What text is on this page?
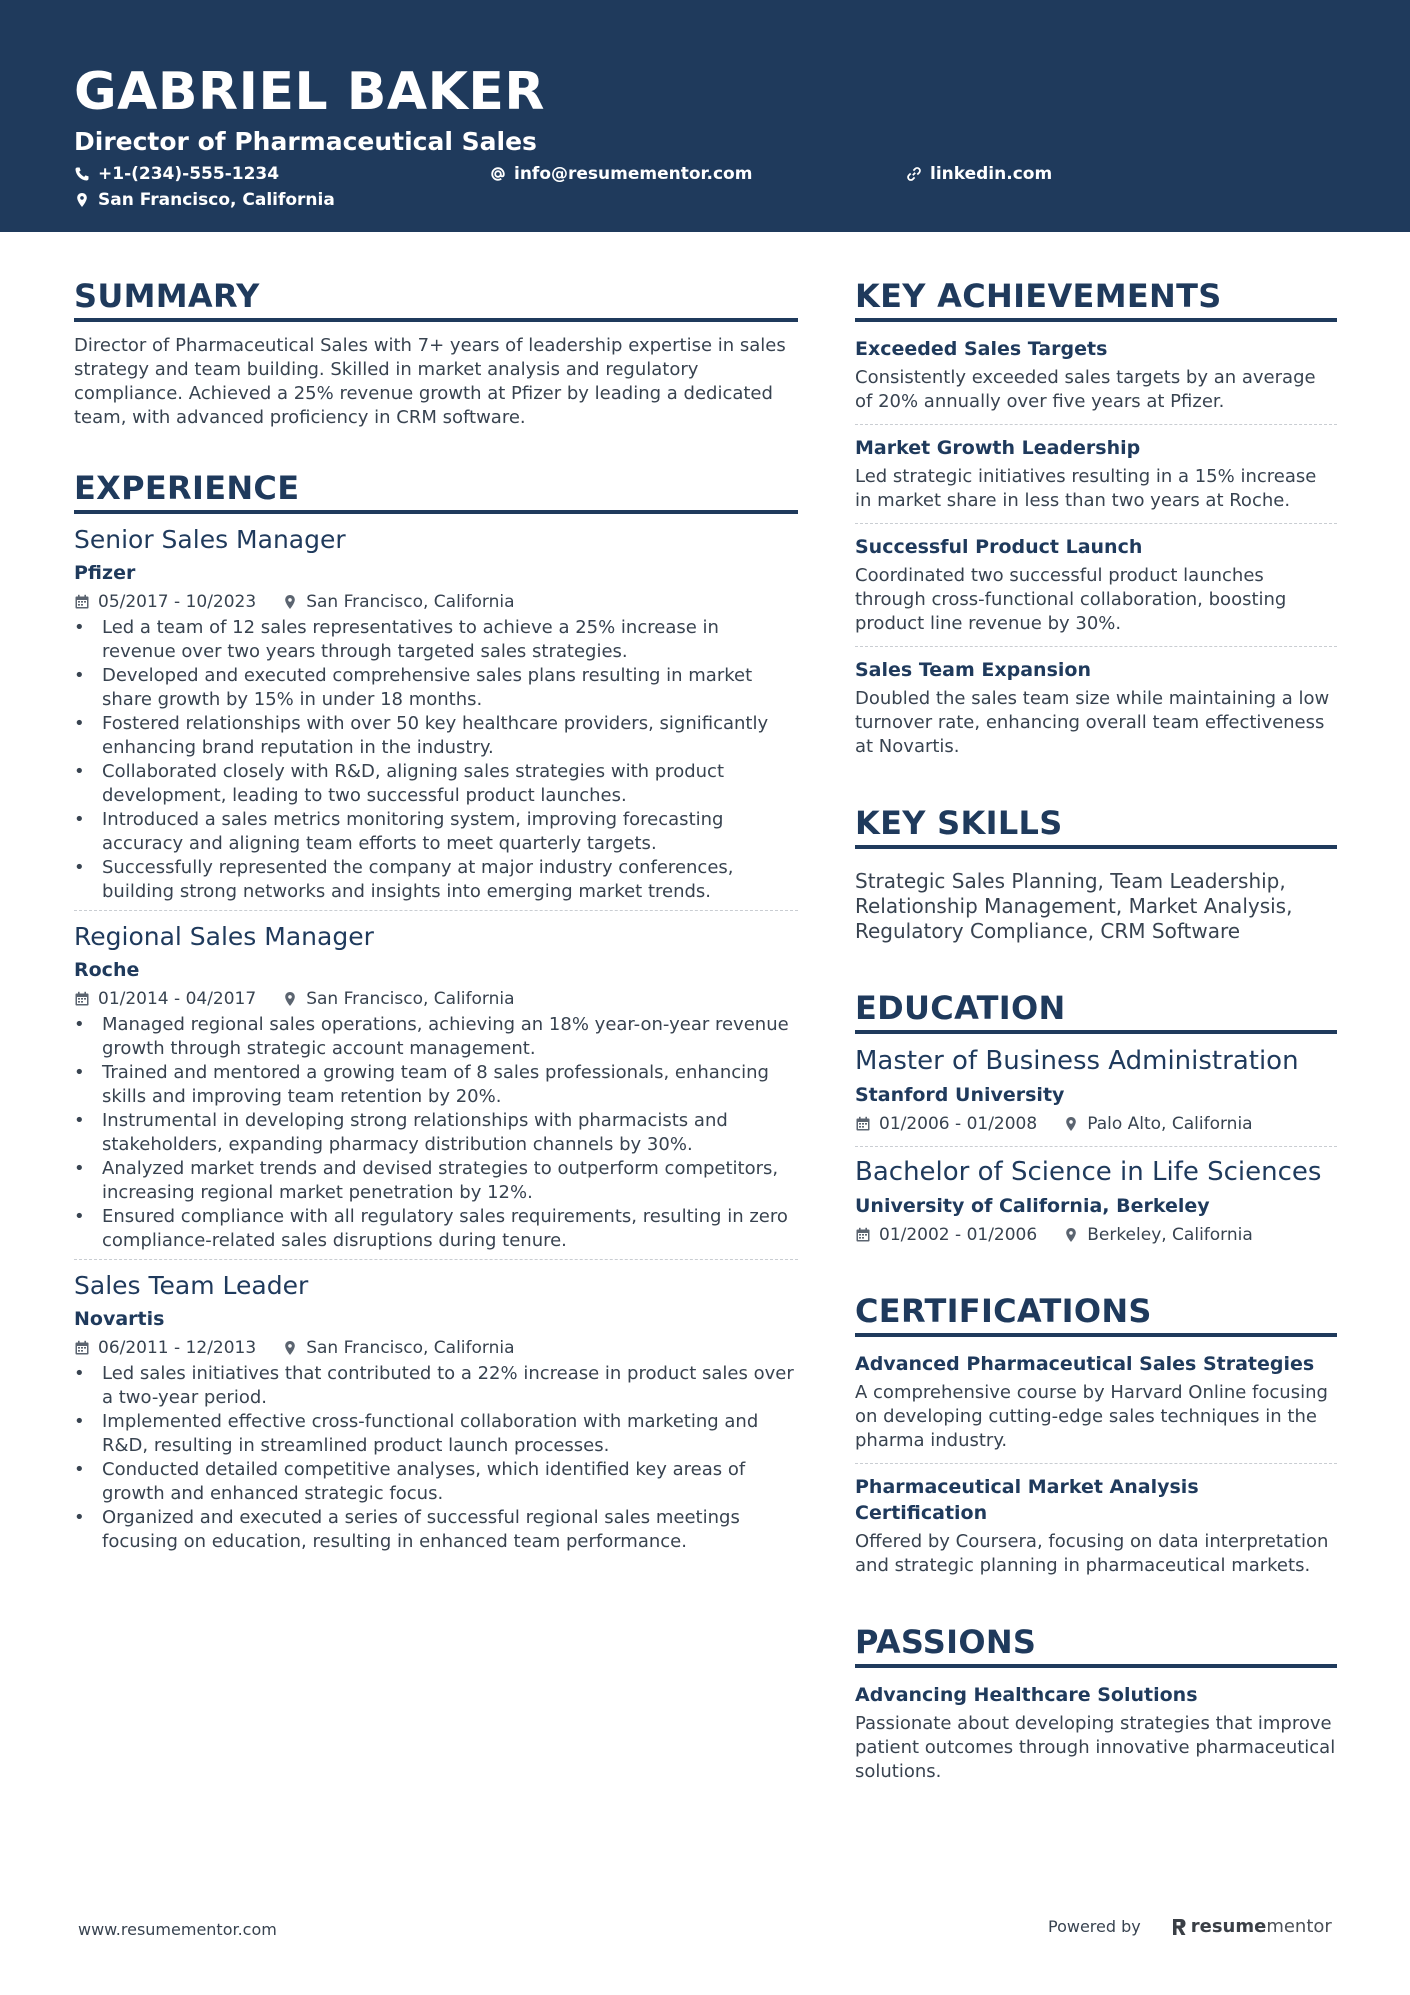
GABRIEL BAKER
Director of Pharmaceutical Sales
+1-(234)-555-1234	info@resumementor.com	linkedin.com
San Francisco, California
SUMMARY
Director of Pharmaceutical Sales with 7+ years of leadership expertise in sales strategy and team building. Skilled in market analysis and regulatory compliance. Achieved a 25% revenue growth at Pfizer by leading a dedicated team, with advanced proficiency in CRM software.
EXPERIENCE
Senior Sales Manager
Pfizer
05/2017 - 10/2023	San Francisco, California
• Led a team of 12 sales representatives to achieve a 25% increase in revenue over two years through targeted sales strategies.
• Developed and executed comprehensive sales plans resulting in market share growth by 15% in under 18 months.
• Fostered relationships with over 50 key healthcare providers, significantly enhancing brand reputation in the industry.
• Collaborated closely with R&D, aligning sales strategies with product development, leading to two successful product launches.
• Introduced a sales metrics monitoring system, improving forecasting accuracy and aligning team efforts to meet quarterly targets.
• Successfully represented the company at major industry conferences, building strong networks and insights into emerging market trends.
Regional Sales Manager
Roche
01/2014 - 04/2017	San Francisco, California
• Managed regional sales operations, achieving an 18% year-on-year revenue growth through strategic account management.
• Trained and mentored a growing team of 8 sales professionals, enhancing skills and improving team retention by 20%.
• Instrumental in developing strong relationships with pharmacists and stakeholders, expanding pharmacy distribution channels by 30%.
• Analyzed market trends and devised strategies to outperform competitors, increasing regional market penetration by 12%.
• Ensured compliance with all regulatory sales requirements, resulting in zero compliance-related sales disruptions during tenure.
Sales Team Leader
Novartis
06/2011 - 12/2013	San Francisco, California
• Led sales initiatives that contributed to a 22% increase in product sales over a two-year period.
• Implemented effective cross-functional collaboration with marketing and R&D, resulting in streamlined product launch processes.
• Conducted detailed competitive analyses, which identified key areas of growth and enhanced strategic focus.
• Organized and executed a series of successful regional sales meetings focusing on education, resulting in enhanced team performance.
KEY ACHIEVEMENTS
Exceeded Sales Targets
Consistently exceeded sales targets by an average of 20% annually over five years at Pfizer.
Market Growth Leadership
Led strategic initiatives resulting in a 15% increase in market share in less than two years at Roche.
Successful Product Launch
Coordinated two successful product launches through cross-functional collaboration, boosting product line revenue by 30%.
Sales Team Expansion
Doubled the sales team size while maintaining a low turnover rate, enhancing overall team effectiveness at Novartis.
KEY SKILLS
Strategic Sales Planning, Team Leadership, Relationship Management, Market Analysis, Regulatory Compliance, CRM Software
EDUCATION
Master of Business Administration
Stanford University
01/2006 - 01/2008	Palo Alto, California
Bachelor of Science in Life Sciences
University of California, Berkeley
01/2002 - 01/2006	Berkeley, California
CERTIFICATIONS
Advanced Pharmaceutical Sales Strategies
A comprehensive course by Harvard Online focusing on developing cutting-edge sales techniques in the pharma industry.
Pharmaceutical Market Analysis Certification
Offered by Coursera, focusing on data interpretation and strategic planning in pharmaceutical markets.
PASSIONS
Advancing Healthcare Solutions
Passionate about developing strategies that improve patient outcomes through innovative pharmaceutical solutions.
www.resumementor.com	Powered by	resume mentor
